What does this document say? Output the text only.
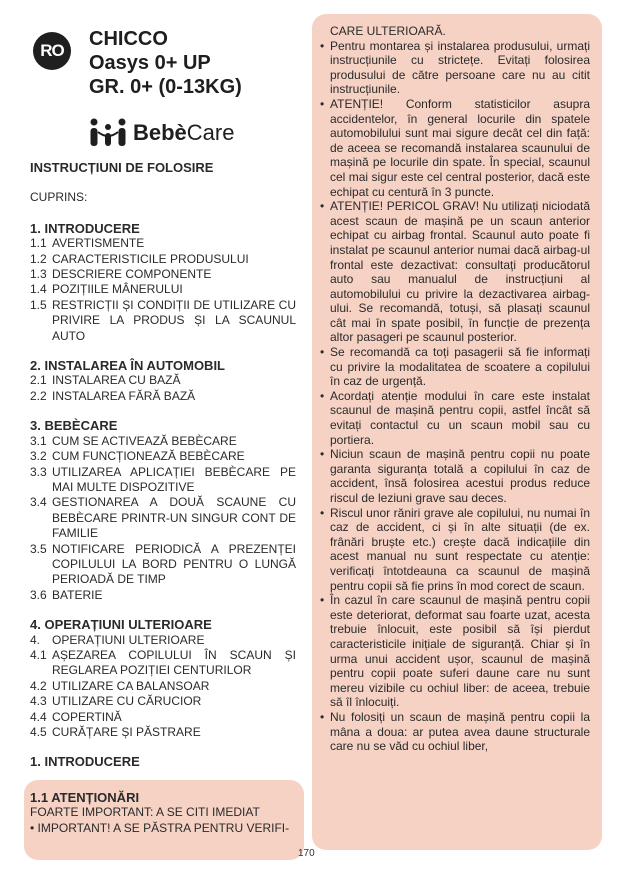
RO
CHICCO
Oasys 0+ UP
GR. 0+ (0-13KG)
BebèCare

INSTRUCȚIUNI DE FOLOSIRE

CUPRINS:

1. INTRODUCERE

1.1 AVERTISMENTE
1.2 CARACTERISTICILE PRODUSULUI
1.3 DESCRIERE COMPONENTE
1.4 POZIȚIILE MÂNERULUI
1.5 RESTRICȚII ȘI CONDIȚII DE UTILIZARE CU PRIVIRE LA PRODUS ȘI LA SCAUNUL AUTO

2. INSTALAREA ÎN AUTOMOBIL

2.1 INSTALAREA CU BAZĂ
2.2 INSTALAREA FĂRĂ BAZĂ

3. BEBÈCARE

3.1 CUM SE ACTIVEAZĂ BEBÈCARE
3.2 CUM FUNCȚIONEAZĂ BEBÈCARE
3.3 UTILIZAREA APLICAȚIEI BEBÈCARE PE MAI MULTE DISPOZITIVE
3.4 GESTIONAREA A DOUĂ SCAUNE CU BEBÈCARE PRINTR-UN SINGUR CONT DE FAMILIE
3.5 NOTIFICARE PERIODICĂ A PREZENȚEI COPILULUI LA BORD PENTRU O LUNGĂ PERIOADĂ DE TIMP
3.6 BATERIE

4. OPERAȚIUNI ULTERIOARE

4. OPERAȚIUNI ULTERIOARE
4.1 AȘEZAREA COPILULUI ÎN SCAUN ȘI REGLAREA POZIȚIEI CENTURILOR
4.2 UTILIZARE CA BALANSOAR
4.3 UTILIZARE CU CĂRUCIOR
4.4 COPERTINĂ
4.5 CURĂȚARE ȘI PĂSTRARE

1. INTRODUCERE

1.1 ATENȚIONĂRI

FOARTE IMPORTANT: A SE CITI IMEDIAT

• IMPORTANT! A SE PĂSTRA PENTRU VERIFI-

CARE ULTERIOARĂ.

• Pentru montarea și instalarea produsului, urmați instrucțiunile cu strictețe. Evitați folosirea produsului de către persoane care nu au citit instrucțiunile.
• ATENȚIE! Conform statisticilor asupra accidentelor, în general locurile din spatele automobilului sunt mai sigure decât cel din față: de aceea se recomandă instalarea scaunului de mașină pe locurile din spate. În special, scaunul cel mai sigur este cel central posterior, dacă este echipat cu centură în 3 puncte.
• ATENȚIE! PERICOL GRAV! Nu utilizați niciodată acest scaun de mașină pe un scaun anterior echipat cu airbag frontal. Scaunul auto poate fi instalat pe scaunul anterior numai dacă airbag-ul frontal este dezactivat: consultați producătorul auto sau manualul de instrucțiuni al automobilului cu privire la dezactivarea airbag-ului. Se recomandă, totuși, să plasați scaunul cât mai în spate posibil, în funcție de prezența altor pasageri pe scaunul posterior.
• Se recomandă ca toți pasagerii să fie informați cu privire la modalitatea de scoatere a copilului în caz de urgență.
• Acordați atenție modului în care este instalat scaunul de mașină pentru copii, astfel încât să evitați contactul cu un scaun mobil sau cu portiera.
• Niciun scaun de mașină pentru copii nu poate garanta siguranța totală a copilului în caz de accident, însă folosirea acestui produs reduce riscul de leziuni grave sau deces.
• Riscul unor răniri grave ale copilului, nu numai în caz de accident, ci și în alte situații (de ex. frânări bruște etc.) crește dacă indicațiile din acest manual nu sunt respectate cu atenție: verificați întotdeauna ca scaunul de mașină pentru copii să fie prins în mod corect de scaun.
• În cazul în care scaunul de mașină pentru copii este deteriorat, deformat sau foarte uzat, acesta trebuie înlocuit, este posibil să își pierdut caracteristicile inițiale de siguranță. Chiar și în urma unui accident ușor, scaunul de mașină pentru copii poate suferi daune care nu sunt mereu vizibile cu ochiul liber: de aceea, trebuie să îl înlocuiți.
• Nu folosiți un scaun de mașină pentru copii la mâna a doua: ar putea avea daune structurale care nu se văd cu ochiul liber,
170
